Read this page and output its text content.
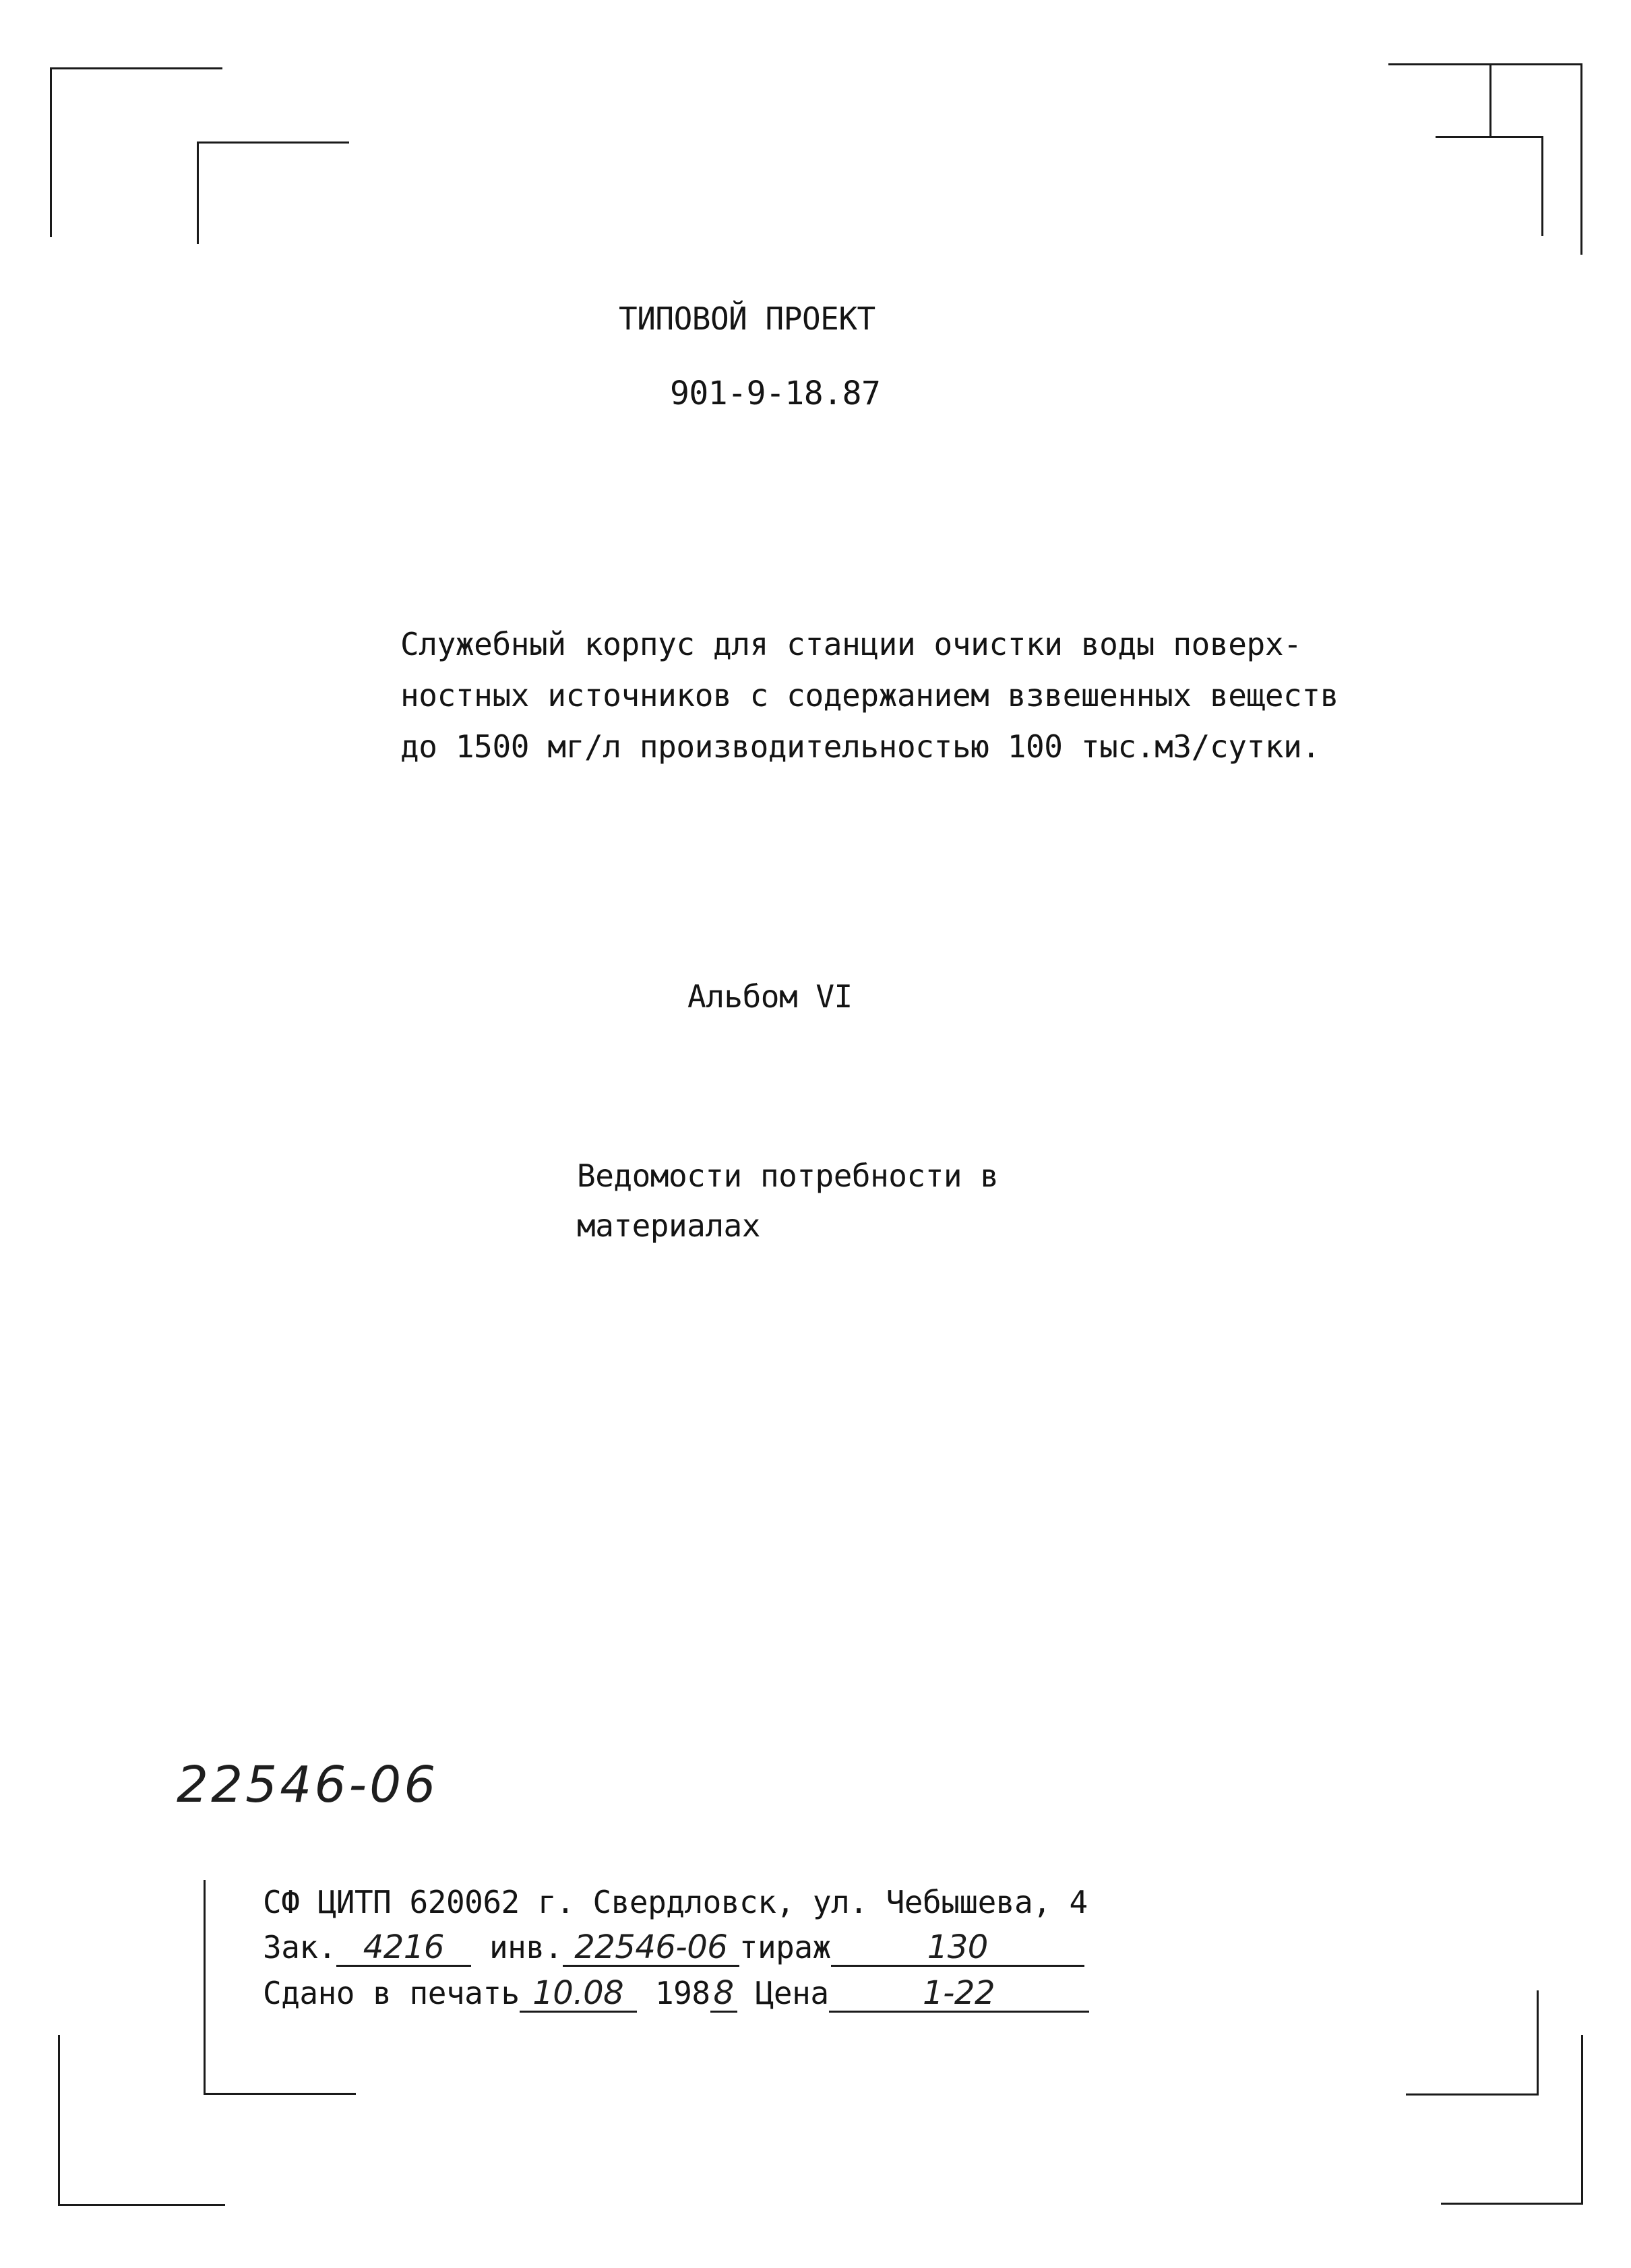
ТИПОВОЙ ПРОЕКТ
901-9-18.87
Служебный корпус для станции очистки воды поверх-
ностных источников с содержанием взвешенных веществ
до 1500 мг/л производительностью 100 тыс.м3/сутки.
Альбом VI
Ведомости потребности в
материалах
22546-06
СФ ЦИТП 620062 г. Свердловск, ул. Чебышева, 4
Зак. 4216 инв. 22546-06 тираж	130
Сдано в печать 10.08 198 8 Цена	1-22
